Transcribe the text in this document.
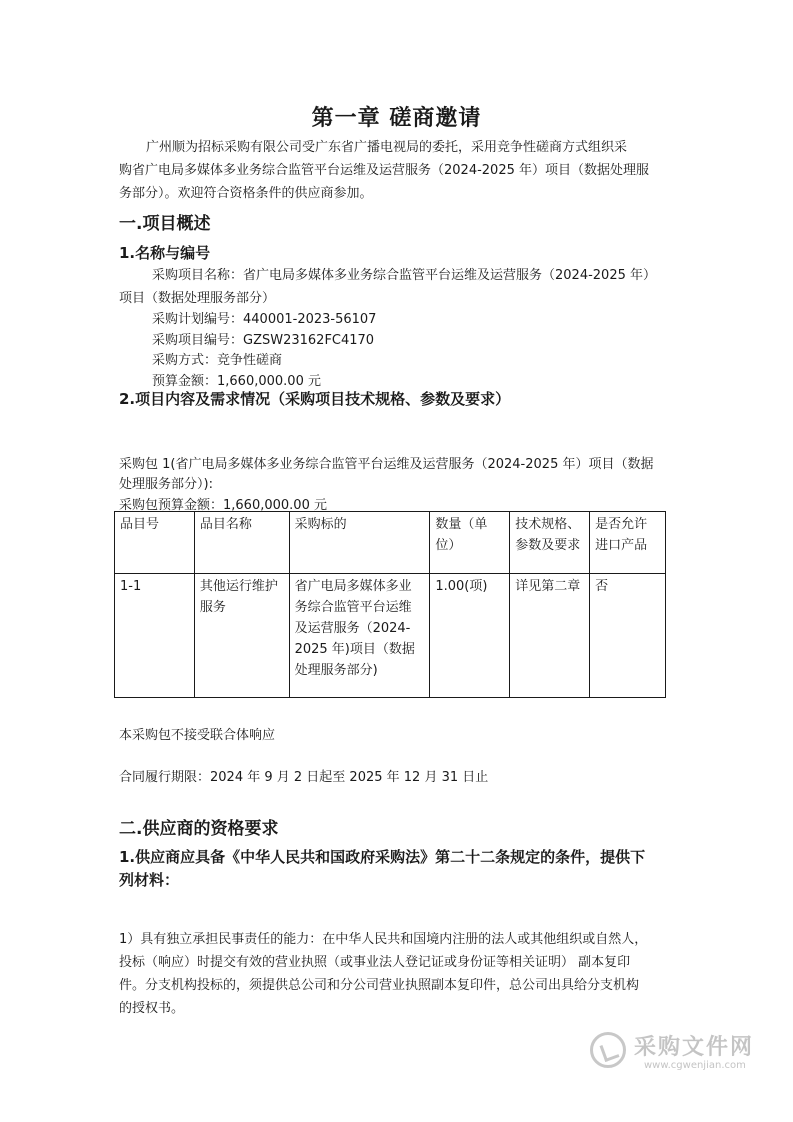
第一章 磋商邀请
广州顺为招标采购有限公司受广东省广播电视局的委托，采用竞争性磋商方式组织采
购省广电局多媒体多业务综合监管平台运维及运营服务（2024-2025 年）项目（数据处理服
务部分）。欢迎符合资格条件的供应商参加。
一.项目概述
1.名称与编号
采购项目名称：省广电局多媒体多业务综合监管平台运维及运营服务（2024-2025 年）
项目（数据处理服务部分）
采购计划编号：440001-2023-56107
采购项目编号：GZSW23162FC4170
采购方式：竞争性磋商
预算金额：1,660,000.00 元
2.项目内容及需求情况（采购项目技术规格、参数及要求）
采购包 1(省广电局多媒体多业务综合监管平台运维及运营服务（2024-2025 年）项目（数据
处理服务部分）):
采购包预算金额：1,660,000.00 元
品目号	品目名称	采购标的	数量（单位）	技术规格、参数及要求	是否允许进口产品
1-1	其他运行维护服务	省广电局多媒体多业务综合监管平台运维及运营服务（2024-2025 年)项目（数据处理服务部分)	1.00(项)	详见第二章	否
本采购包不接受联合体响应
合同履行期限：2024 年 9 月 2 日起至 2025 年 12 月 31 日止
二.供应商的资格要求
1.供应商应具备《中华人民共和国政府采购法》第二十二条规定的条件，提供下
列材料：
1）具有独立承担民事责任的能力：在中华人民共和国境内注册的法人或其他组织或自然人，
投标（响应）时提交有效的营业执照（或事业法人登记证或身份证等相关证明） 副本复印
件。分支机构投标的，须提供总公司和分公司营业执照副本复印件，总公司出具给分支机构
的授权书。
采购文件网
www.cgwenjian.com
